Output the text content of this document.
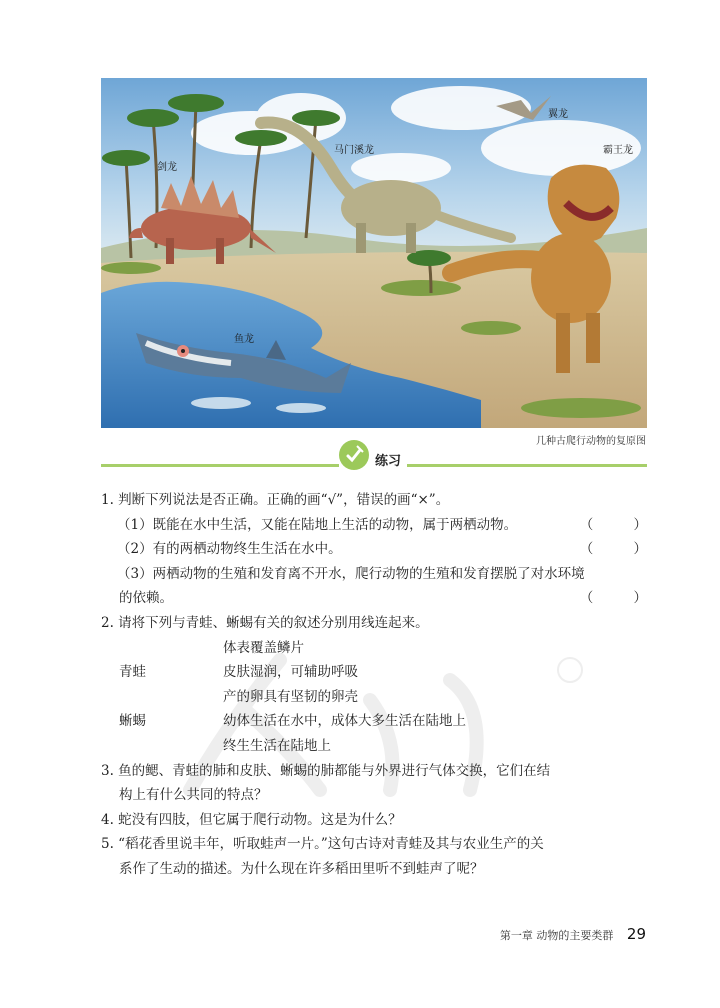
剑龙
马门溪龙
翼龙
霸王龙
鱼龙
几种古爬行动物的复原图
练习

1. 判断下列说法是否正确。正确的画“√”，错误的画“×”。

（1）既能在水中生活，又能在陆地上生活的动物，属于两栖动物。	（ ）

（2）有的两栖动物终生生活在水中。	（ ）

（3）两栖动物的生殖和发育离不开水，爬行动物的生殖和发育摆脱了对水环境

的依赖。	（ ）

2. 请将下列与青蛙、蜥蜴有关的叙述分别用线连起来。

体表覆盖鳞片
青蛙	皮肤湿润，可辅助呼吸
产的卵具有坚韧的卵壳
蜥蜴	幼体生活在水中，成体大多生活在陆地上
终生生活在陆地上

3. 鱼的鳃、青蛙的肺和皮肤、蜥蜴的肺都能与外界进行气体交换，它们在结

构上有什么共同的特点？

4. 蛇没有四肢，但它属于爬行动物。这是为什么？

5. “稻花香里说丰年，听取蛙声一片。”这句古诗对青蛙及其与农业生产的关

系作了生动的描述。为什么现在许多稻田里听不到蛙声了呢？

第一章 动物的主要类群 29
